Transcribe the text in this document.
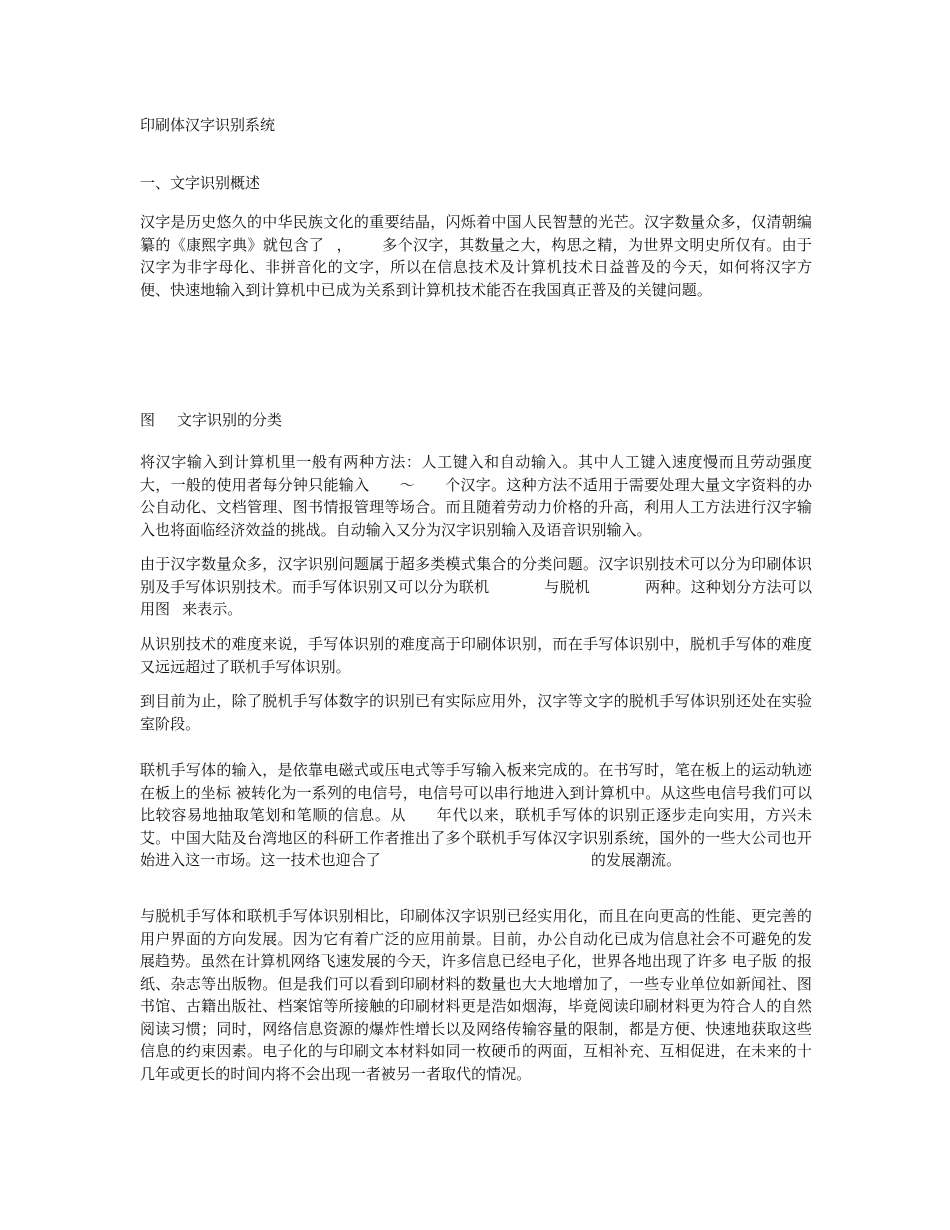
印刷体汉字识别系统
一、文字识别概述

汉字是历史悠久的中华民族文化的重要结晶，闪烁着中国人民智慧的光芒。汉字数量众多，仅清朝编纂的《康熙字典》就包含了 ， 多个汉字，其数量之大，构思之精，为世界文明史所仅有。由于汉字为非字母化、非拼音化的文字，所以在信息技术及计算机技术日益普及的今天，如何将汉字方便、快速地输入到计算机中已成为关系到计算机技术能否在我国真正普及的关键问题。

图 文字识别的分类

将汉字输入到计算机里一般有两种方法：人工键入和自动输入。其中人工键入速度慢而且劳动强度大，一般的使用者每分钟只能输入 ～ 个汉字。这种方法不适用于需要处理大量文字资料的办公自动化、文档管理、图书情报管理等场合。而且随着劳动力价格的升高，利用人工方法进行汉字输入也将面临经济效益的挑战。自动输入又分为汉字识别输入及语音识别输入。

由于汉字数量众多，汉字识别问题属于超多类模式集合的分类问题。汉字识别技术可以分为印刷体识别及手写体识别技术。而手写体识别又可以分为联机	与脱机	两种。这种划分方法可以用图 来表示。

从识别技术的难度来说，手写体识别的难度高于印刷体识别，而在手写体识别中，脱机手写体的难度又远远超过了联机手写体识别。

到目前为止，除了脱机手写体数字的识别已有实际应用外，汉字等文字的脱机手写体识别还处在实验室阶段。

联机手写体的输入，是依靠电磁式或压电式等手写输入板来完成的。在书写时，笔在板上的运动轨迹 在板上的坐标 被转化为一系列的电信号，电信号可以串行地进入到计算机中。从这些电信号我们可以比较容易地抽取笔划和笔顺的信息。从 年代以来，联机手写体的识别正逐步走向实用，方兴未艾。中国大陆及台湾地区的科研工作者推出了多个联机手写体汉字识别系统，国外的一些大公司也开始进入这一市场。这一技术也迎合了	的发展潮流。

与脱机手写体和联机手写体识别相比，印刷体汉字识别已经实用化，而且在向更高的性能、更完善的用户界面的方向发展。因为它有着广泛的应用前景。目前，办公自动化已成为信息社会不可避免的发展趋势。虽然在计算机网络飞速发展的今天，许多信息已经电子化，世界各地出现了许多 电子版 的报纸、杂志等出版物。但是我们可以看到印刷材料的数量也大大地增加了，一些专业单位如新闻社、图书馆、古籍出版社、档案馆等所接触的印刷材料更是浩如烟海，毕竟阅读印刷材料更为符合人的自然阅读习惯；同时，网络信息资源的爆炸性增长以及网络传输容量的限制，都是方便、快速地获取这些信息的约束因素。电子化的与印刷文本材料如同一枚硬币的两面，互相补充、互相促进，在未来的十几年或更长的时间内将不会出现一者被另一者取代的情况。
